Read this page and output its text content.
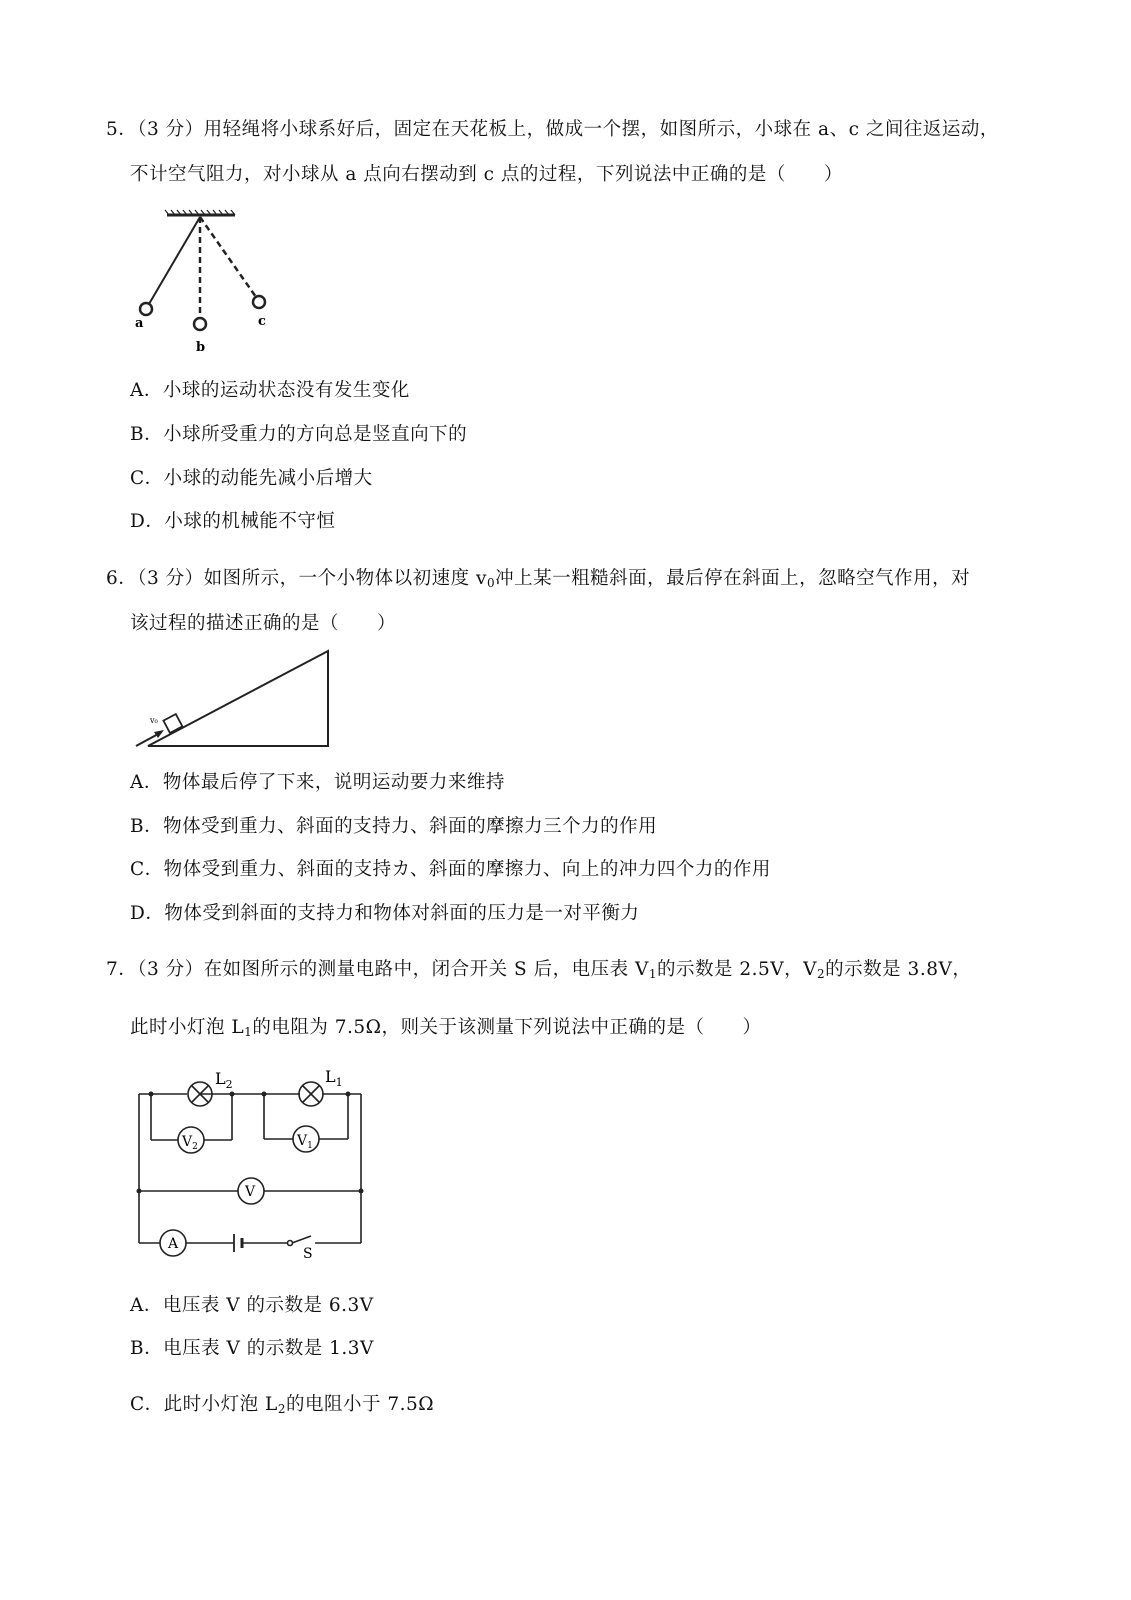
5．（3 分）用轻绳将小球系好后，固定在天花板上，做成一个摆，如图所示，小球在 a、c 之间往返运动，
不计空气阻力，对小球从 a 点向右摆动到 c 点的过程，下列说法中正确的是（　　）
a
b
c
A．小球的运动状态没有发生变化
B．小球所受重力的方向总是竖直向下的
C．小球的动能先减小后增大
D．小球的机械能不守恒
6．（3 分）如图所示，一个小物体以初速度 $v_0$冲上某一粗糙斜面，最后停在斜面上，忽略空气作用，对
该过程的描述正确的是（　　）
v₀
A．物体最后停了下来，说明运动要力来维持
B．物体受到重力、斜面的支持力、斜面的摩擦力三个力的作用
C．物体受到重力、斜面的支持カ、斜面的摩擦力、向上的冲力四个力的作用
D．物体受到斜面的支持力和物体对斜面的压力是一对平衡力
7．（3 分）在如图所示的测量电路中，闭合开关 S 后，电压表 $V_1$的示数是 2.5V，$V_2$的示数是 3.8V，
此时小灯泡 $L_1$的电阻为 7.5Ω，则关于该测量下列说法中正确的是（　　）
$L_2$	$L_1$
$V_2$	$V_1$
V
A
S
A．电压表 V 的示数是 6.3V
B．电压表 V 的示数是 1.3V
C．此时小灯泡 $L_2$的电阻小于 7.5Ω
